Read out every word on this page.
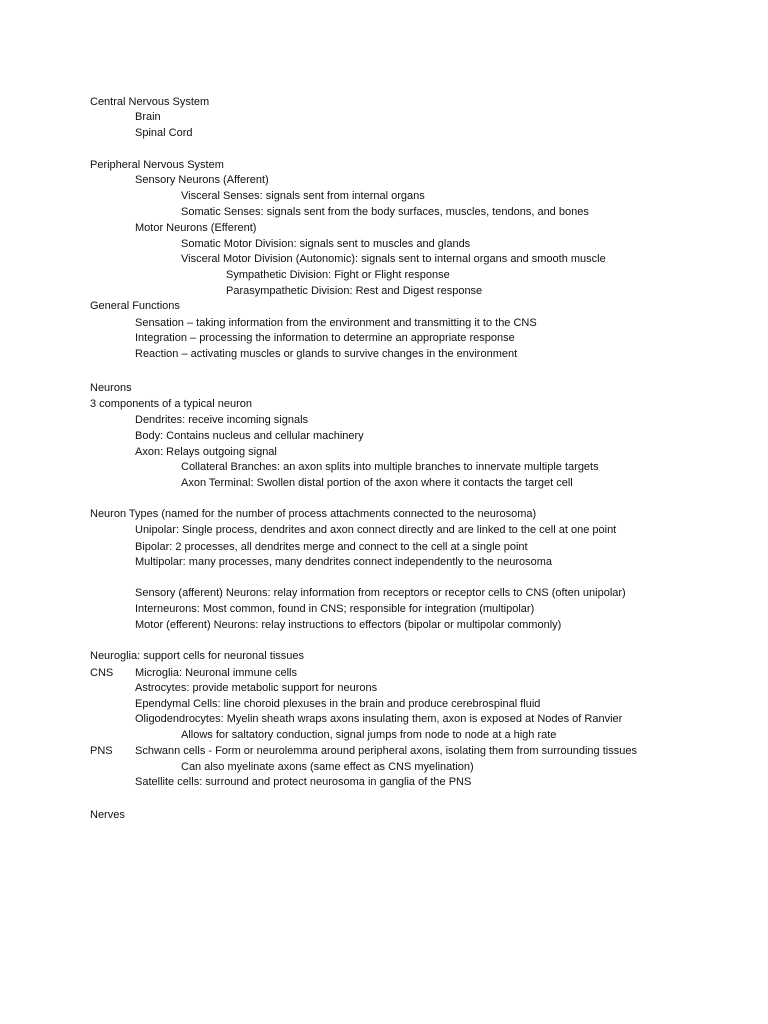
Central Nervous System
Brain
Spinal Cord
Peripheral Nervous System
Sensory Neurons (Afferent)
Visceral Senses: signals sent from internal organs
Somatic Senses: signals sent from the body surfaces, muscles, tendons, and bones
Motor Neurons (Efferent)
Somatic Motor Division: signals sent to muscles and glands
Visceral Motor Division (Autonomic): signals sent to internal organs and smooth muscle
Sympathetic Division: Fight or Flight response
Parasympathetic Division: Rest and Digest response
General Functions
Sensation – taking information from the environment and transmitting it to the CNS
Integration – processing the information to determine an appropriate response
Reaction – activating muscles or glands to survive changes in the environment
Neurons
3 components of a typical neuron
Dendrites: receive incoming signals
Body: Contains nucleus and cellular machinery
Axon: Relays outgoing signal
Collateral Branches: an axon splits into multiple branches to innervate multiple targets
Axon Terminal: Swollen distal portion of the axon where it contacts the target cell
Neuron Types (named for the number of process attachments connected to the neurosoma)
Unipolar: Single process, dendrites and axon connect directly and are linked to the cell at one point
Bipolar: 2 processes, all dendrites merge and connect to the cell at a single point
Multipolar: many processes, many dendrites connect independently to the neurosoma
Sensory (afferent) Neurons: relay information from receptors or receptor cells to CNS (often unipolar)
Interneurons: Most common, found in CNS; responsible for integration (multipolar)
Motor (efferent) Neurons: relay instructions to effectors (bipolar or multipolar commonly)
Neuroglia: support cells for neuronal tissues
CNS Microglia: Neuronal immune cells
Astrocytes: provide metabolic support for neurons
Ependymal Cells: line choroid plexuses in the brain and produce cerebrospinal fluid
Oligodendrocytes: Myelin sheath wraps axons insulating them, axon is exposed at Nodes of Ranvier
Allows for saltatory conduction, signal jumps from node to node at a high rate
PNS Schwann cells - Form or neurolemma around peripheral axons, isolating them from surrounding tissues
Can also myelinate axons (same effect as CNS myelination)
Satellite cells: surround and protect neurosoma in ganglia of the PNS
Nerves
